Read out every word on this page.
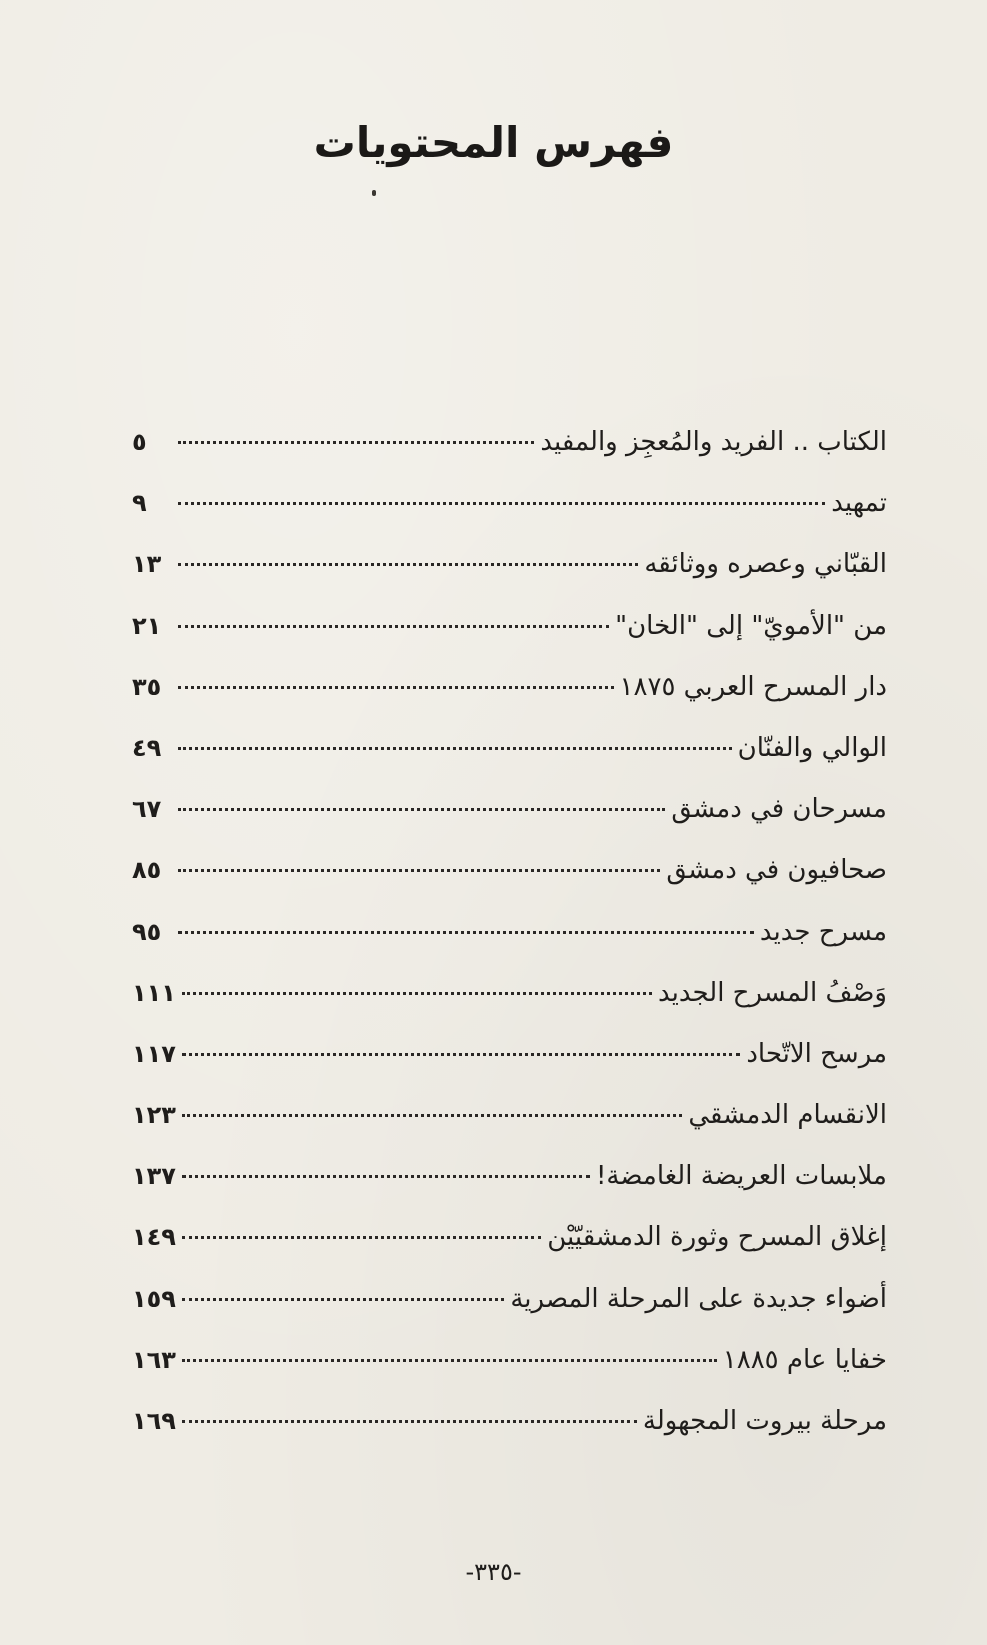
فهرس المحتويات
الكتاب .. الفريد والمُعجِز والمفيد
٥
تمهيد
٩
القبّاني وعصره ووثائقه
١٣
من "الأمويّ" إلى "الخان"
٢١
دار المسرح العربي ١٨٧٥
٣٥
الوالي والفنّان
٤٩
مسرحان في دمشق
٦٧
صحافيون في دمشق
٨٥
مسرح جديد
٩٥
وَصْفُ المسرح الجديد
١١١
مرسح الاتّحاد
١١٧
الانقسام الدمشقي
١٢٣
ملابسات العريضة الغامضة!
١٣٧
إغلاق المسرح وثورة الدمشقيّيْن
١٤٩
أضواء جديدة على المرحلة المصرية
١٥٩
خفايا عام ١٨٨٥
١٦٣
مرحلة بيروت المجهولة
١٦٩
-٣٣٥-
